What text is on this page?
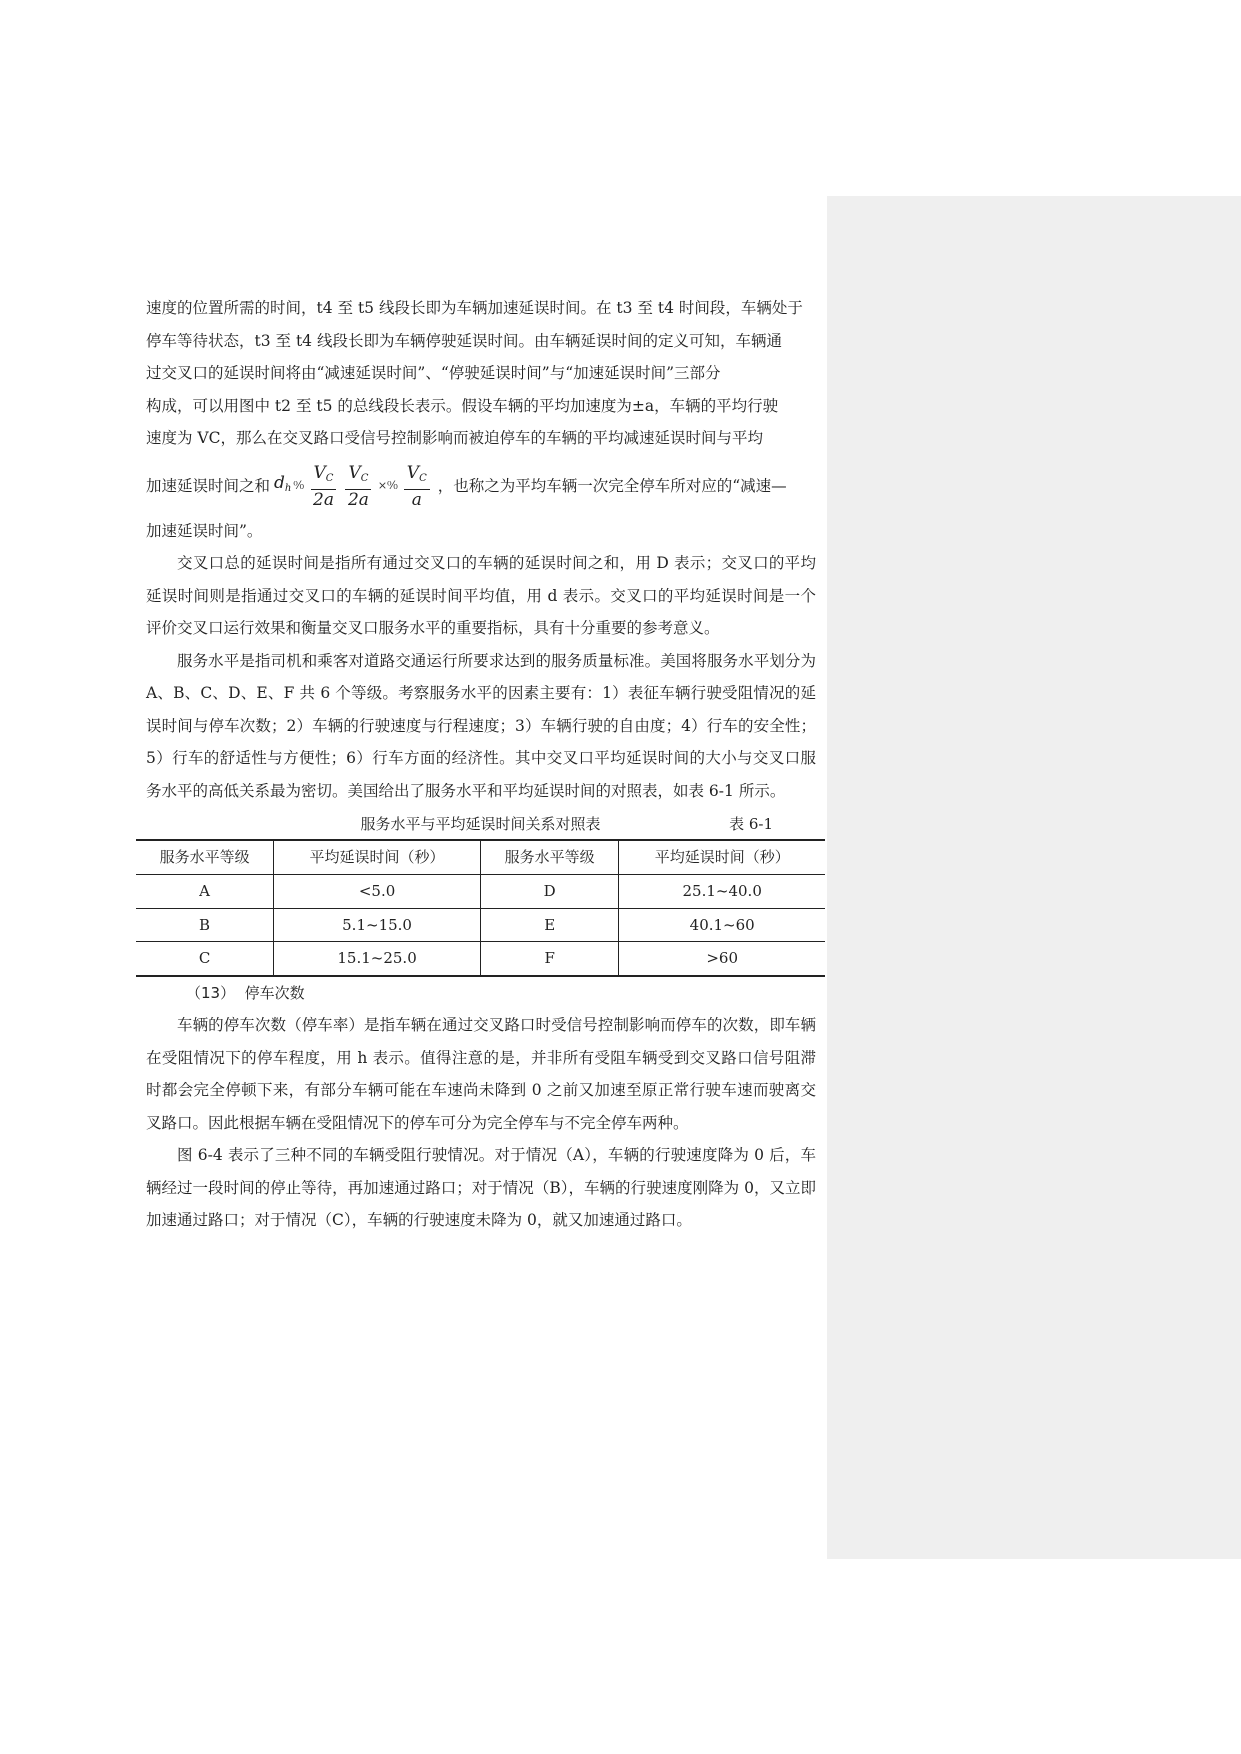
速度的位置所需的时间，t4 至 t5 线段长即为车辆加速延误时间。在 t3 至 t4 时间段，车辆处于

停车等待状态，t3 至 t4 线段长即为车辆停驶延误时间。由车辆延误时间的定义可知，车辆通

过交叉口的延误时间将由“减速延误时间”、“停驶延误时间”与“加速延误时间”三部分

构成，可以用图中 t2 至 t5 的总线段长表示。假设车辆的平均加速度为±a，车辆的平均行驶

速度为 VC，那么在交叉路口受信号控制影响而被迫停车的车辆的平均减速延误时间与平均

加速延误时间之和 $d_h$ ⁰⁄₀ $\frac{V_C}{2a} \frac{V_C}{2a}$ ×⁰⁄₀ $\frac{V_C}{a}$ ，也称之为平均车辆一次完全停车所对应的“减速—

加速延误时间”。

交叉口总的延误时间是指所有通过交叉口的车辆的延误时间之和，用 D 表示；交叉口的平均延误时间则是指通过交叉口的车辆的延误时间平均值，用 d 表示。交叉口的平均延误时间是一个评价交叉口运行效果和衡量交叉口服务水平的重要指标，具有十分重要的参考意义。

服务水平是指司机和乘客对道路交通运行所要求达到的服务质量标准。美国将服务水平划分为 A、B、C、D、E、F 共 6 个等级。考察服务水平的因素主要有：1）表征车辆行驶受阻情况的延误时间与停车次数；2）车辆的行驶速度与行程速度；3）车辆行驶的自由度；4）行车的安全性；5）行车的舒适性与方便性；6）行车方面的经济性。其中交叉口平均延误时间的大小与交叉口服务水平的高低关系最为密切。美国给出了服务水平和平均延误时间的对照表，如表 6-1 所示。

服务水平与平均延误时间关系对照表	表 6-1
服务水平等级	平均延误时间（秒）	服务水平等级	平均延误时间（秒）
A	<5.0	D	25.1~40.0
B	5.1~15.0	E	40.1~60
C	15.1~25.0	F	>60

（13） 停车次数

车辆的停车次数（停车率）是指车辆在通过交叉路口时受信号控制影响而停车的次数，即车辆在受阻情况下的停车程度，用 h 表示。值得注意的是，并非所有受阻车辆受到交叉路口信号阻滞时都会完全停顿下来，有部分车辆可能在车速尚未降到 0 之前又加速至原正常行驶车速而驶离交叉路口。因此根据车辆在受阻情况下的停车可分为完全停车与不完全停车两种。

图 6-4 表示了三种不同的车辆受阻行驶情况。对于情况（A），车辆的行驶速度降为 0 后，车辆经过一段时间的停止等待，再加速通过路口；对于情况（B），车辆的行驶速度刚降为 0，又立即加速通过路口；对于情况（C），车辆的行驶速度未降为 0，就又加速通过路口。
